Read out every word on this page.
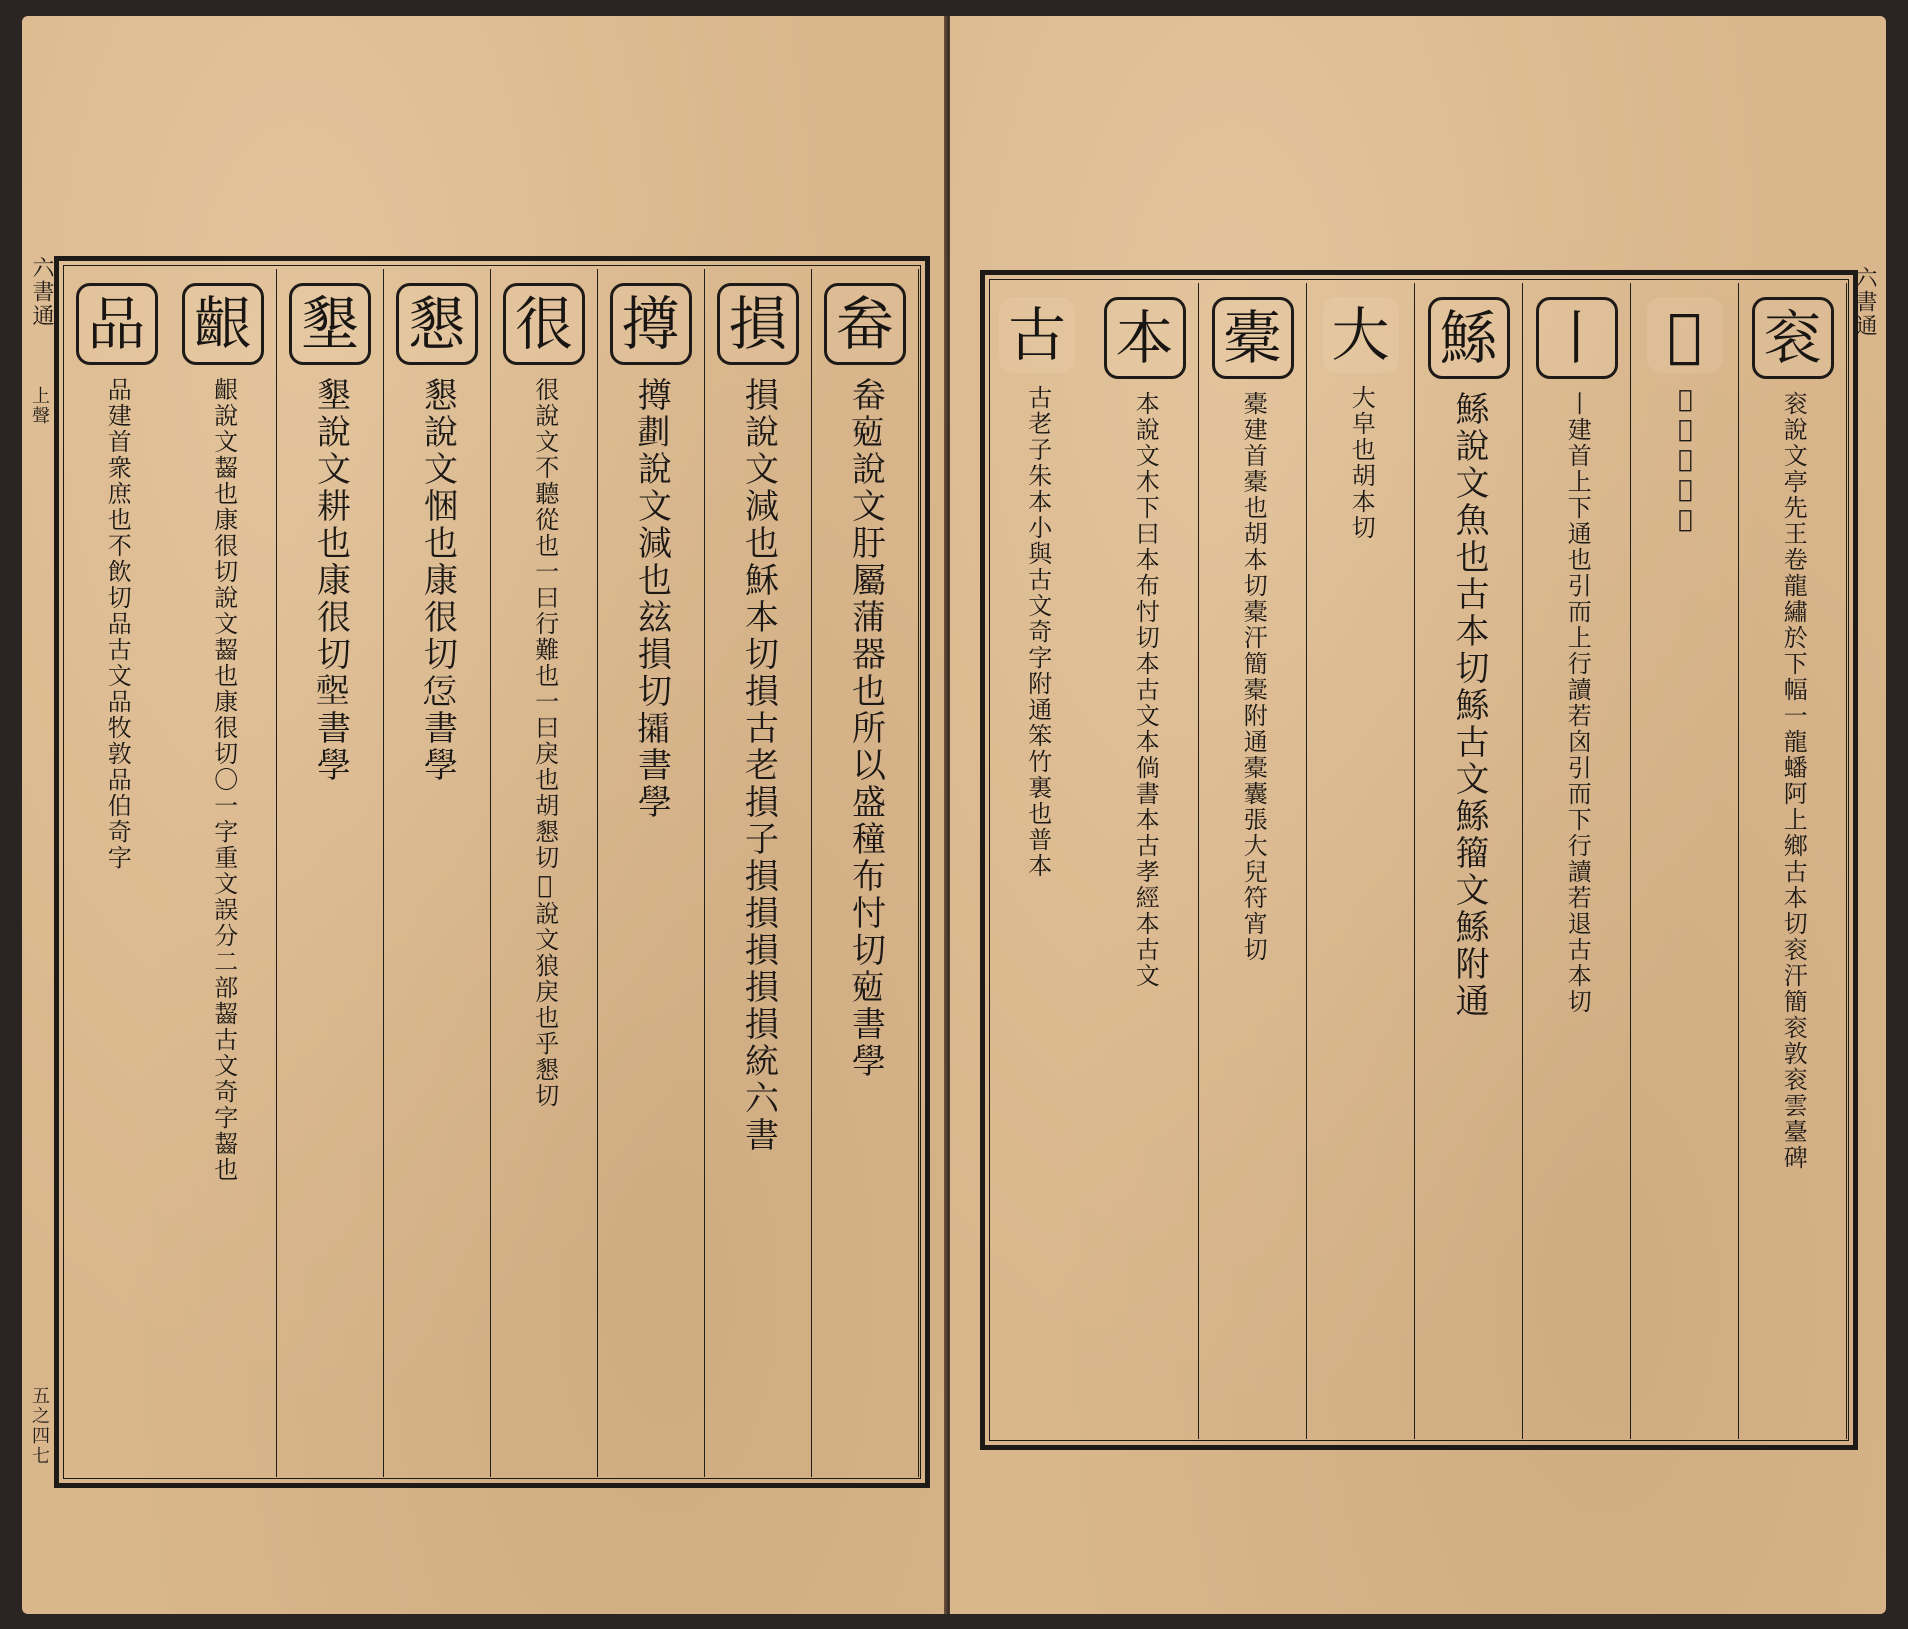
六書通
上聲
五之四七
畚
畚𠅦說文䏏屬蒲器也所以盛穜布忖切𠅦書學
損
損說文減也穌本切損古老損子損損損損損統六書
撙
撙𠟱說文減也玆損切𢹩書學
很
很說文不聽從也一曰行難也一曰戾也胡懇切𨼶說文狼戻也乎懇切
懇
懇說文悃也康很切𢘢書學
墾
墾說文耕也康很切𡎺書學
齦
齦說文齧也康很切說文齧也康很切〇一字重文誤分二部齧古文奇字齧也
品
品建首衆庶也不飲切品古文品牧敦品伯奇字
六書通
衮
衮說文亭先王卷龍繡於下幅一龍蟠阿上鄉古本切衮汗簡衮敦衮雲臺碑
𥨊
𥨊脩能印書
丨
丨建首上下通也引而上行讀若囟引而下行讀若退古本切
鯀
鯀說文魚也古本切鯀古文鯀籀文鯀附通
大
大皁也胡本切
橐
橐建首橐也胡本切橐汗簡橐附通橐囊張大兒符宵切
本
本說文木下曰本布忖切本古文本倘書本古孝經本古文
古
古老子朱本小與古文奇字附通笨竹裏也普本
